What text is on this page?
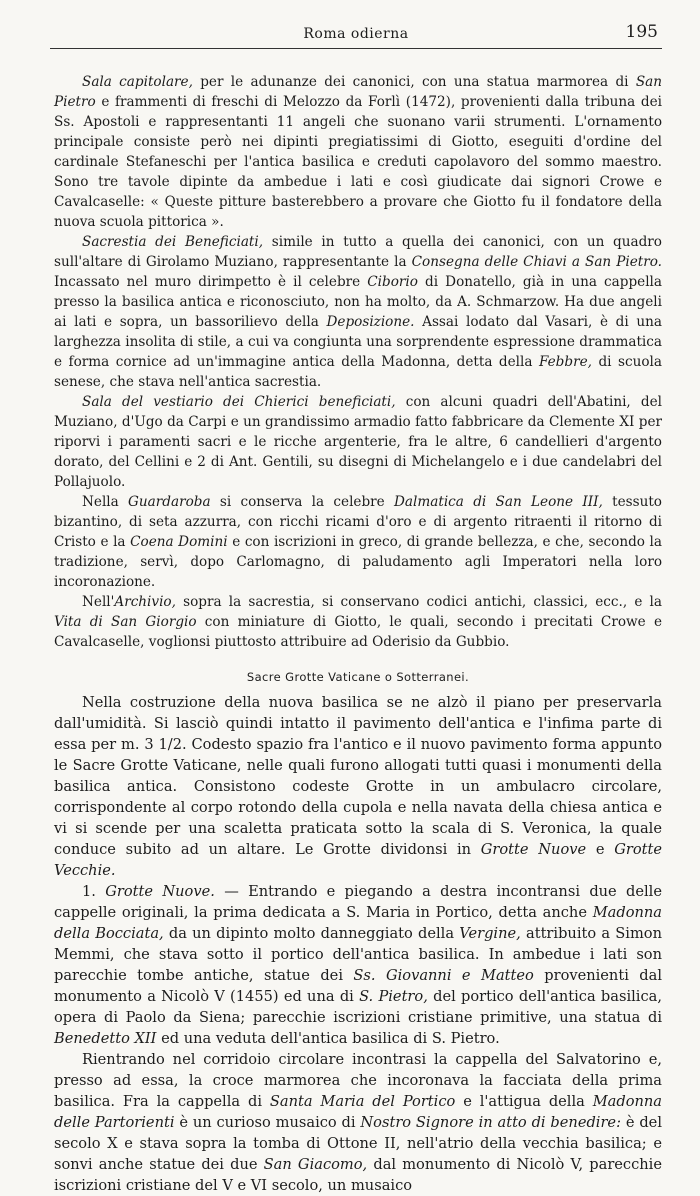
Roma odierna	195

Sala capitolare, per le adunanze dei canonici, con una statua marmorea di San Pietro e frammenti di freschi di Melozzo da Forlì (1472), provenienti dalla tribuna dei Ss. Apostoli e rappresentanti 11 angeli che suonano varii strumenti. L'ornamento principale consiste però nei dipinti pregiatissimi di Giotto, eseguiti d'ordine del cardinale Stefaneschi per l'antica basilica e creduti capolavoro del sommo maestro. Sono tre tavole dipinte da ambedue i lati e così giudicate dai signori Crowe e Cavalcaselle: « Queste pitture basterebbero a provare che Giotto fu il fondatore della nuova scuola pittorica ».

Sacrestia dei Beneficiati, simile in tutto a quella dei canonici, con un quadro sull'altare di Girolamo Muziano, rappresentante la Consegna delle Chiavi a San Pietro. Incassato nel muro dirimpetto è il celebre Ciborio di Donatello, già in una cappella presso la basilica antica e riconosciuto, non ha molto, da A. Schmarzow. Ha due angeli ai lati e sopra, un bassorilievo della Deposizione. Assai lodato dal Vasari, è di una larghezza insolita di stile, a cui va congiunta una sorprendente espressione drammatica e forma cornice ad un'immagine antica della Madonna, detta della Febbre, di scuola senese, che stava nell'antica sacrestia.

Sala del vestiario dei Chierici beneficiati, con alcuni quadri dell'Abatini, del Muziano, d'Ugo da Carpi e un grandissimo armadio fatto fabbricare da Clemente XI per riporvi i paramenti sacri e le ricche argenterie, fra le altre, 6 candellieri d'argento dorato, del Cellini e 2 di Ant. Gentili, su disegni di Michelangelo e i due candelabri del Pollajuolo.

Nella Guardaroba si conserva la celebre Dalmatica di San Leone III, tessuto bizantino, di seta azzurra, con ricchi ricami d'oro e di argento ritraenti il ritorno di Cristo e la Coena Domini e con iscrizioni in greco, di grande bellezza, e che, secondo la tradizione, servì, dopo Carlomagno, di paludamento agli Imperatori nella loro incoronazione.

Nell'Archivio, sopra la sacrestia, si conservano codici antichi, classici, ecc., e la Vita di San Giorgio con miniature di Giotto, le quali, secondo i precitati Crowe e Cavalcaselle, voglionsi piuttosto attribuire ad Oderisio da Gubbio.

Sacre Grotte Vaticane o Sotterranei.

Nella costruzione della nuova basilica se ne alzò il piano per preservarla dall'umidità. Si lasciò quindi intatto il pavimento dell'antica e l'infima parte di essa per m. 3 1/2. Codesto spazio fra l'antico e il nuovo pavimento forma appunto le Sacre Grotte Vaticane, nelle quali furono allogati tutti quasi i monumenti della basilica antica. Consistono codeste Grotte in un ambulacro circolare, corrispondente al corpo rotondo della cupola e nella navata della chiesa antica e vi si scende per una scaletta praticata sotto la scala di S. Veronica, la quale conduce subito ad un altare. Le Grotte dividonsi in Grotte Nuove e Grotte Vecchie.

1. Grotte Nuove. — Entrando e piegando a destra incontransi due delle cappelle originali, la prima dedicata a S. Maria in Portico, detta anche Madonna della Bocciata, da un dipinto molto danneggiato della Vergine, attribuito a Simon Memmi, che stava sotto il portico dell'antica basilica. In ambedue i lati son parecchie tombe antiche, statue dei Ss. Giovanni e Matteo provenienti dal monumento a Nicolò V (1455) ed una di S. Pietro, del portico dell'antica basilica, opera di Paolo da Siena; parecchie iscrizioni cristiane primitive, una statua di Benedetto XII ed una veduta dell'antica basilica di S. Pietro.

Rientrando nel corridoio circolare incontrasi la cappella del Salvatorino e, presso ad essa, la croce marmorea che incoronava la facciata della prima basilica. Fra la cappella di Santa Maria del Portico e l'attigua della Madonna delle Partorienti è un curioso musaico di Nostro Signore in atto di benedire: è del secolo X e stava sopra la tomba di Ottone II, nell'atrio della vecchia basilica; e sonvi anche statue dei due San Giacomo, dal monumento di Nicolò V, parecchie iscrizioni cristiane del V e VI secolo, un musaico
